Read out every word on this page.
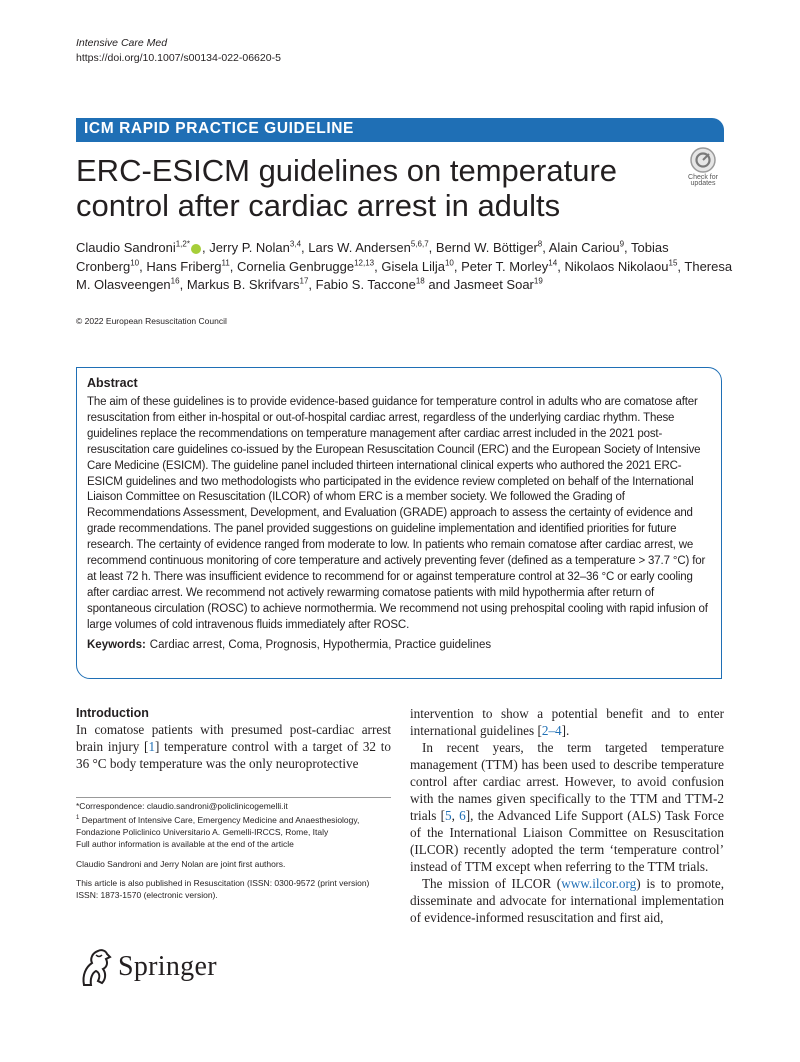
Intensive Care Med
https://doi.org/10.1007/s00134-022-06620-5
ICM RAPID PRACTICE GUIDELINE
ERC-ESICM guidelines on temperature control after cardiac arrest in adults
Check for
updates
Claudio Sandroni$^{1,2*}$ , Jerry P. Nolan$^{3,4}$, Lars W. Andersen$^{5,6,7}$, Bernd W. Böttiger$^8$, Alain Cariou$^9$, Tobias Cronberg$^{10}$, Hans Friberg$^{11}$, Cornelia Genbrugge$^{12,13}$, Gisela Lilja$^{10}$, Peter T. Morley$^{14}$, Nikolaos Nikolaou$^{15}$, Theresa M. Olasveengen$^{16}$, Markus B. Skrifvars$^{17}$, Fabio S. Taccone$^{18}$ and Jasmeet Soar$^{19}$
© 2022 European Resuscitation Council
Abstract

The aim of these guidelines is to provide evidence-based guidance for temperature control in adults who are comatose after resuscitation from either in-hospital or out-of-hospital cardiac arrest, regardless of the underlying cardiac rhythm. These guidelines replace the recommendations on temperature management after cardiac arrest included in the 2021 post-resuscitation care guidelines co-issued by the European Resuscitation Council (ERC) and the European Society of Intensive Care Medicine (ESICM). The guideline panel included thirteen international clinical experts who authored the 2021 ERC-ESICM guidelines and two methodologists who participated in the evidence review completed on behalf of the International Liaison Committee on Resuscitation (ILCOR) of whom ERC is a member society. We followed the Grading of Recommendations Assessment, Development, and Evaluation (GRADE) approach to assess the certainty of evidence and grade recommendations. The panel provided suggestions on guideline implementation and identified priorities for future research. The certainty of evidence ranged from moderate to low. In patients who remain comatose after cardiac arrest, we recommend continuous monitoring of core temperature and actively preventing fever (defined as a temperature > 37.7 °C) for at least 72 h. There was insufficient evidence to recommend for or against temperature control at 32–36 °C or early cooling after cardiac arrest. We recommend not actively rewarming comatose patients with mild hypothermia after return of spontaneous circulation (ROSC) to achieve normothermia. We recommend not using prehospital cooling with rapid infusion of large volumes of cold intravenous fluids immediately after ROSC.

Keywords: Cardiac arrest, Coma, Prognosis, Hypothermia, Practice guidelines
Introduction

In comatose patients with presumed post-cardiac arrest brain injury [1] temperature control with a target of 32 to 36 °C body temperature was the only neuroprotective

*Correspondence: claudio.sandroni@policlinicogemelli.it

$^1$ Department of Intensive Care, Emergency Medicine and Anaesthesiology, Fondazione Policlinico Universitario A. Gemelli-IRCCS, Rome, Italy

Full author information is available at the end of the article

Claudio Sandroni and Jerry Nolan are joint first authors.

This article is also published in Resuscitation (ISSN: 0300-9572 (print version) ISSN: 1873-1570 (electronic version).

intervention to show a potential benefit and to enter international guidelines [2–4].

In recent years, the term targeted temperature management (TTM) has been used to describe temperature control after cardiac arrest. However, to avoid confusion with the names given specifically to the TTM and TTM-2 trials [5, 6], the Advanced Life Support (ALS) Task Force of the International Liaison Committee on Resuscitation (ILCOR) recently adopted the term ‘temperature control’ instead of TTM except when referring to the TTM trials.

The mission of ILCOR (www.ilcor.org) is to promote, disseminate and advocate for international implementation of evidence-informed resuscitation and first aid,

Springer
